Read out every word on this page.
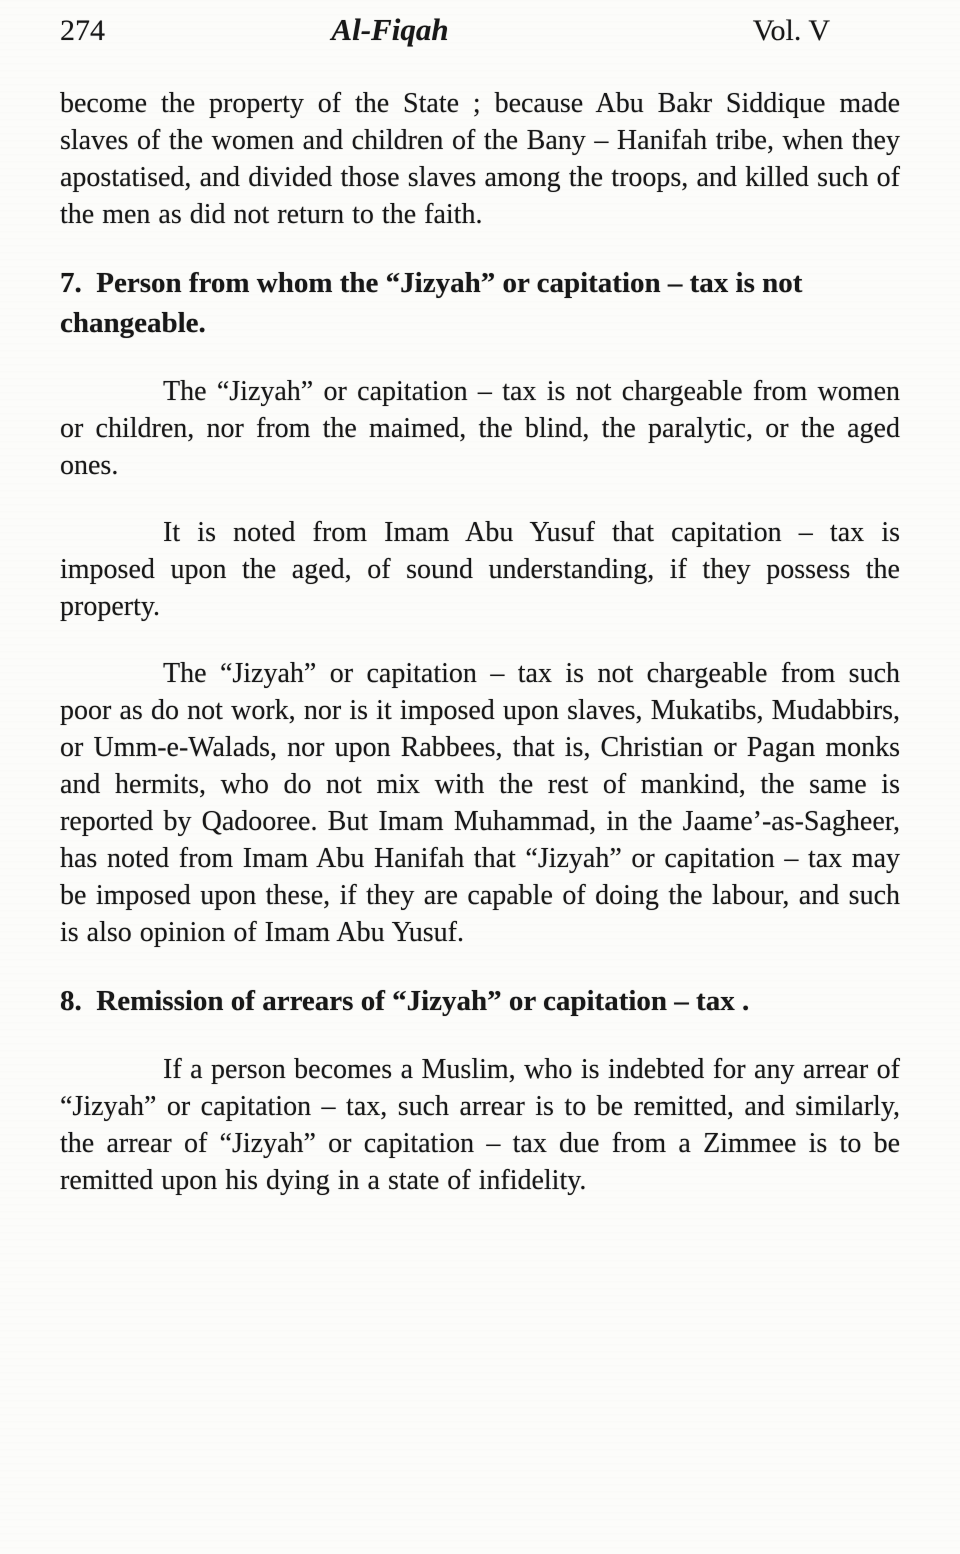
274	Al-Fiqah	Vol. V

become the property of the State ; because Abu Bakr Siddique made slaves of the women and children of the Bany – Hanifah tribe, when they apostatised, and divided those slaves among the troops, and killed such of the men as did not return to the faith.

7.  Person from whom the “Jizyah” or capitation – tax is not changeable.

The “Jizyah” or capitation – tax is not chargeable from women or children, nor from the maimed, the blind, the paralytic, or the aged ones.

It is noted from Imam Abu Yusuf that capitation – tax is imposed upon the aged, of sound understanding, if they possess the property.

The “Jizyah” or capitation – tax is not chargeable from such poor as do not work, nor is it imposed upon slaves, Mukatibs, Mudabbirs, or Umm-e-Walads, nor upon Rabbees, that is, Christian or Pagan monks and hermits, who do not mix with the rest of mankind, the same is reported by Qadooree. But Imam Muhammad, in the Jaame’-as-Sagheer, has noted from Imam Abu Hanifah that “Jizyah” or capitation – tax may be imposed upon these, if they are capable of doing the labour, and such is also opinion of Imam Abu Yusuf.

8.  Remission of arrears of “Jizyah” or capitation – tax .

If a person becomes a Muslim, who is indebted for any arrear of “Jizyah” or capitation – tax, such arrear is to be remitted, and similarly, the arrear of “Jizyah” or capitation – tax due from a Zimmee is to be remitted upon his dying in a state of infidelity.
